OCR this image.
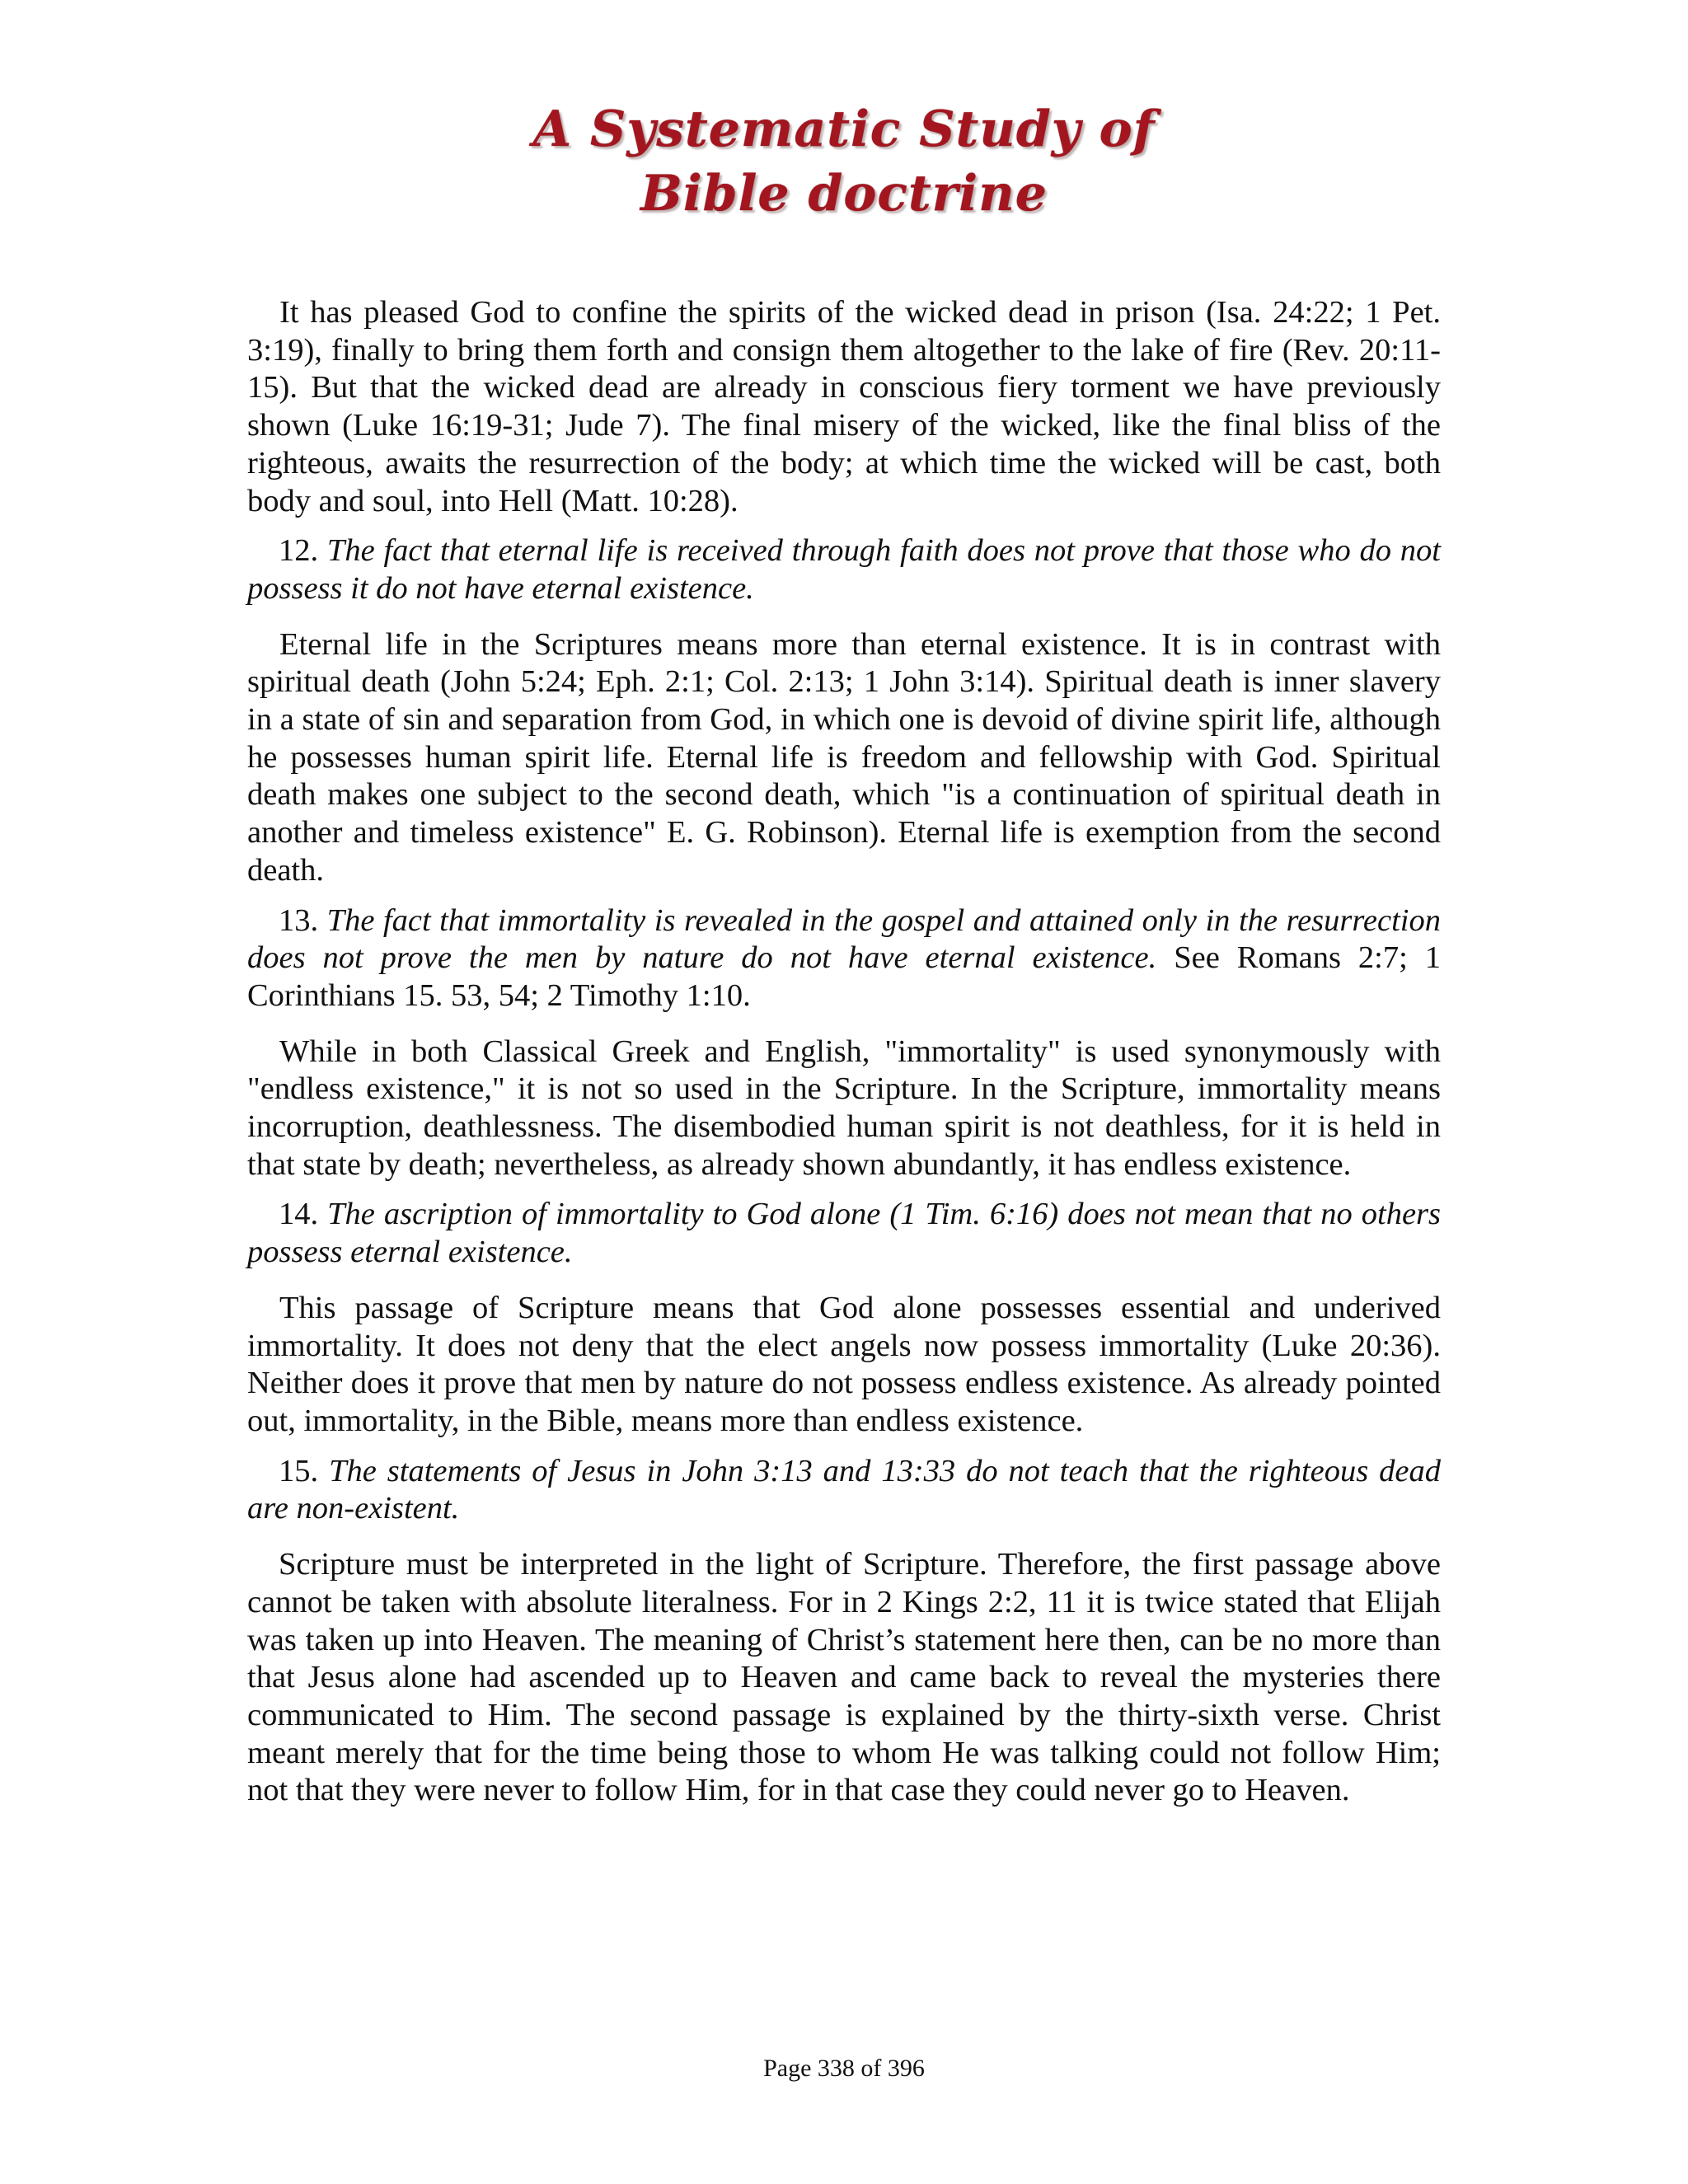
A Systematic Study of
Bible doctrine

It has pleased God to confine the spirits of the wicked dead in prison (Isa. 24:22; 1 Pet. 3:19), finally to bring them forth and consign them altogether to the lake of fire (Rev. 20:11-15). But that the wicked dead are already in conscious fiery torment we have previously shown (Luke 16:19-31; Jude 7). The final misery of the wicked, like the final bliss of the righteous, awaits the resurrection of the body; at which time the wicked will be cast, both body and soul, into Hell (Matt. 10:28).

12. The fact that eternal life is received through faith does not prove that those who do not possess it do not have eternal existence.

Eternal life in the Scriptures means more than eternal existence. It is in contrast with spiritual death (John 5:24; Eph. 2:1; Col. 2:13; 1 John 3:14). Spiritual death is inner slavery in a state of sin and separation from God, in which one is devoid of divine spirit life, although he possesses human spirit life. Eternal life is freedom and fellowship with God. Spiritual death makes one subject to the second death, which "is a continuation of spiritual death in another and timeless existence" E. G. Robinson). Eternal life is exemption from the second death.

13. The fact that immortality is revealed in the gospel and attained only in the resurrection does not prove the men by nature do not have eternal existence. See Romans 2:7; 1 Corinthians 15. 53, 54; 2 Timothy 1:10.

While in both Classical Greek and English, "immortality" is used synonymously with "endless existence," it is not so used in the Scripture. In the Scripture, immortality means incorruption, deathlessness. The disembodied human spirit is not deathless, for it is held in that state by death; nevertheless, as already shown abundantly, it has endless existence.

14. The ascription of immortality to God alone (1 Tim. 6:16) does not mean that no others possess eternal existence.

This passage of Scripture means that God alone possesses essential and underived immortality. It does not deny that the elect angels now possess immortality (Luke 20:36). Neither does it prove that men by nature do not possess endless existence. As already pointed out, immortality, in the Bible, means more than endless existence.

15. The statements of Jesus in John 3:13 and 13:33 do not teach that the righteous dead are non-existent.

Scripture must be interpreted in the light of Scripture. Therefore, the first passage above cannot be taken with absolute literalness. For in 2 Kings 2:2, 11 it is twice stated that Elijah was taken up into Heaven. The meaning of Christ’s statement here then, can be no more than that Jesus alone had ascended up to Heaven and came back to reveal the mysteries there communicated to Him. The second passage is explained by the thirty-sixth verse. Christ meant merely that for the time being those to whom He was talking could not follow Him; not that they were never to follow Him, for in that case they could never go to Heaven.

Page 338 of 396
